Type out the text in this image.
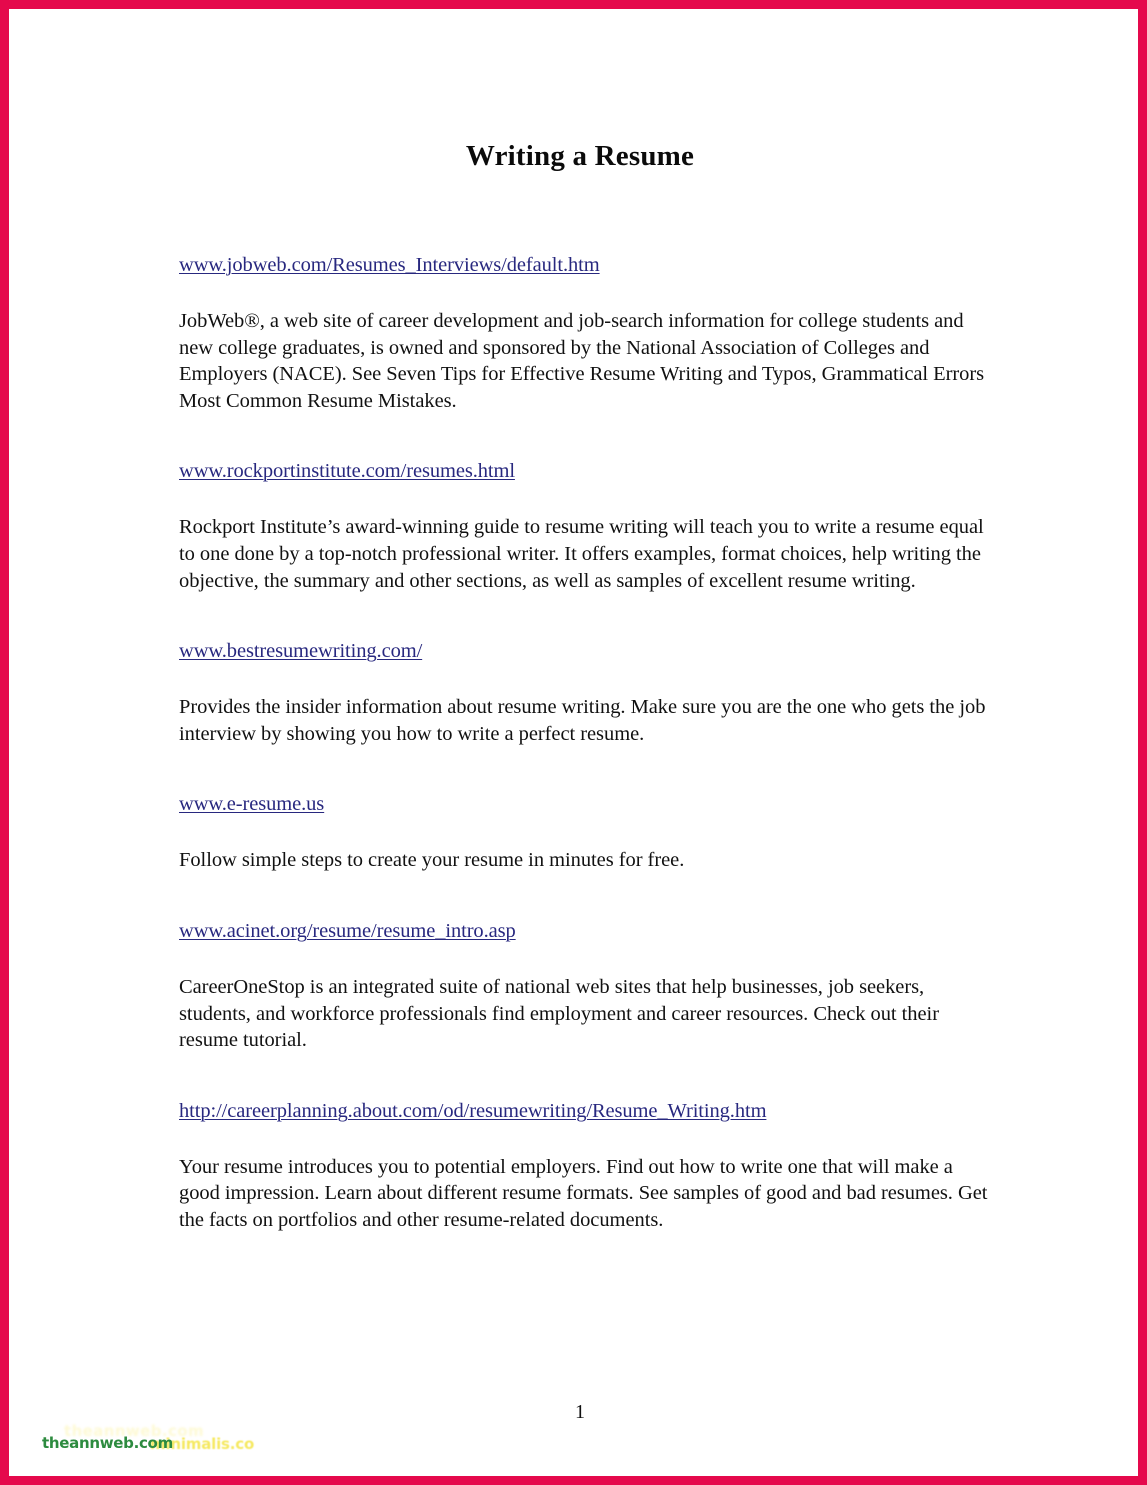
Writing a Resume
www.jobweb.com/Resumes_Interviews/default.htm

JobWeb®, a web site of career development and job-search information for college students and new college graduates, is owned and sponsored by the National Association of Colleges and Employers (NACE). See Seven Tips for Effective Resume Writing and Typos, Grammatical Errors Most Common Resume Mistakes.

www.rockportinstitute.com/resumes.html

Rockport Institute’s award-winning guide to resume writing will teach you to write a resume equal to one done by a top-notch professional writer. It offers examples, format choices, help writing the objective, the summary and other sections, as well as samples of excellent resume writing.

www.bestresumewriting.com/

Provides the insider information about resume writing. Make sure you are the one who gets the job interview by showing you how to write a perfect resume.

www.e-resume.us

Follow simple steps to create your resume in minutes for free.

www.acinet.org/resume/resume_intro.asp

CareerOneStop is an integrated suite of national web sites that help businesses, job seekers, students, and workforce professionals find employment and career resources. Check out their resume tutorial.

http://careerplanning.about.com/od/resumewriting/Resume_Writing.htm

Your resume introduces you to potential employers. Find out how to write one that will make a good impression. Learn about different resume formats. See samples of good and bad resumes. Get the facts on portfolios and other resume-related documents.

1
theannweb.com
minimalis.co
theannweb.com
